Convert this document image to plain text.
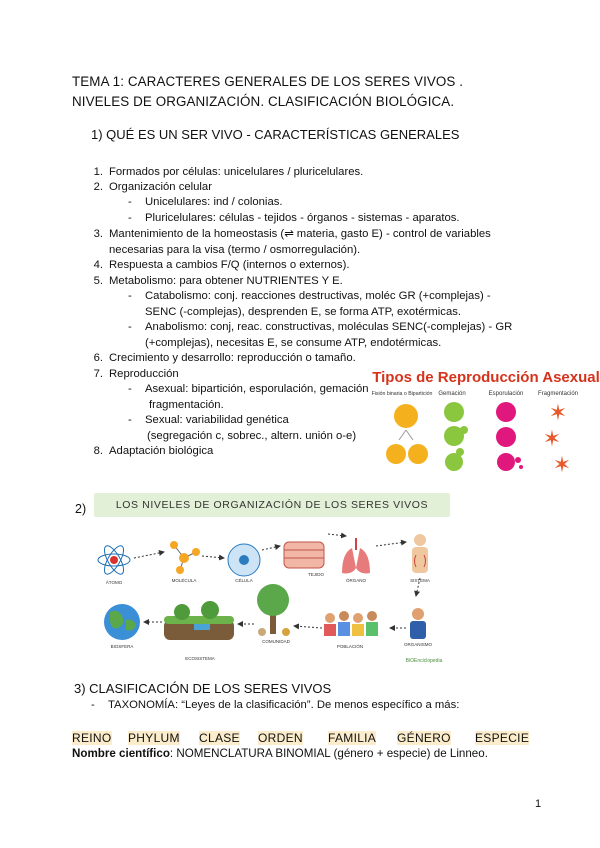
TEMA 1: CARACTERES GENERALES DE LOS SERES VIVOS .
NIVELES DE ORGANIZACIÓN. CLASIFICACIÓN BIOLÓGICA.
1) QUÉ ES UN SER VIVO - CARACTERÍSTICAS GENERALES
1. Formados por células: unicelulares / pluricelulares.
2. Organización celular
- Unicelulares: ind / colonias.
- Pluricelulares: células - tejidos - órganos - sistemas - aparatos.
3. Mantenimiento de la homeostasis (⇌ materia, gasto E) - control de variables
necesarias para la visa (termo / osmorregulación).
4. Respuesta a cambios F/Q (internos o externos).
5. Metabolismo: para obtener NUTRIENTES Y E.
- Catabolismo: conj. reacciones destructivas, moléc GR (+complejas) -
SENC (-complejas), desprenden E, se forma ATP, exotérmicas.
- Anabolismo: conj, reac. constructivas, moléculas SENC(-complejas) - GR
(+complejas), necesitas E, se consume ATP, endotérmicas.
6. Crecimiento y desarrollo: reproducción o tamaño.
7. Reproducción
- Asexual: bipartición, esporulación, gemación
fragmentación.
- Sexual: variabilidad genética
(segregación c, sobrec., altern. unión o-e)
8. Adaptación biológica
Tipos de Reproducción Asexual
Fisión binaria o Bipartición Gemación	Esporulación Fragmentación
✶
✶
✶
2)	LOS NIVELES DE ORGANIZACIÓN DE LOS SERES VIVOS
ÁTOMO	MOLÉCULA	CÉLULA
TEJIDO
ÓRGANO	SISTEMA
BIOSFERA
ECOSISTEMA
COMUNIDAD
POBLACIÓN	ORGANISMO
BiOEnciclopedia
3) CLASIFICACIÓN DE LOS SERES VIVOS
- TAXONOMÍA: “Leyes de la clasificación”. De menos específico a más:
REINO PHYLUM CLASE ORDEN FAMILIA GÉNERO ESPECIE
Nombre científico: NOMENCLATURA BINOMIAL (género + especie) de Linneo.
1
